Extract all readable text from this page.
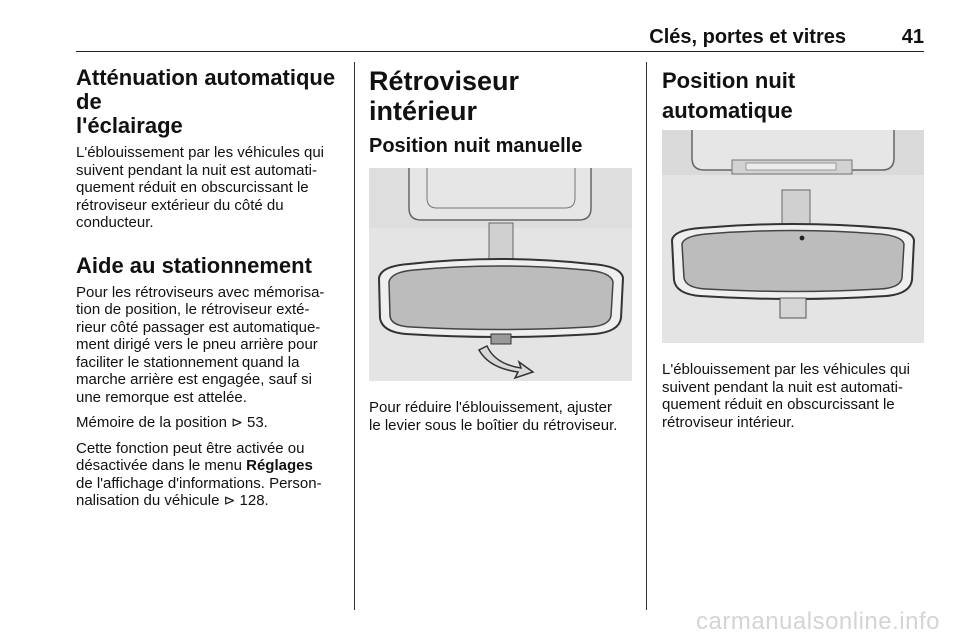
Clés, portes et vitres	41
Atténuation automatique de
l'éclairage
L'éblouissement par les véhicules qui
suivent pendant la nuit est automati-
quement réduit en obscurcissant le
rétroviseur extérieur du côté du
conducteur.
Aide au stationnement
Pour les rétroviseurs avec mémorisa-
tion de position, le rétroviseur exté-
rieur côté passager est automatique-
ment dirigé vers le pneu arrière pour
faciliter le stationnement quand la
marche arrière est engagée, sauf si
une remorque est attelée.
Mémoire de la position ⊳ 53.
Cette fonction peut être activée ou
désactivée dans le menu Réglages
de l'affichage d'informations. Person-
nalisation du véhicule ⊳ 128.
Rétroviseur intérieur
Position nuit manuelle
Pour réduire l'éblouissement, ajuster
le levier sous le boîtier du rétroviseur.
Position nuit automatique
L'éblouissement par les véhicules qui
suivent pendant la nuit est automati-
quement réduit en obscurcissant le
rétroviseur intérieur.
carmanualsonline.info
